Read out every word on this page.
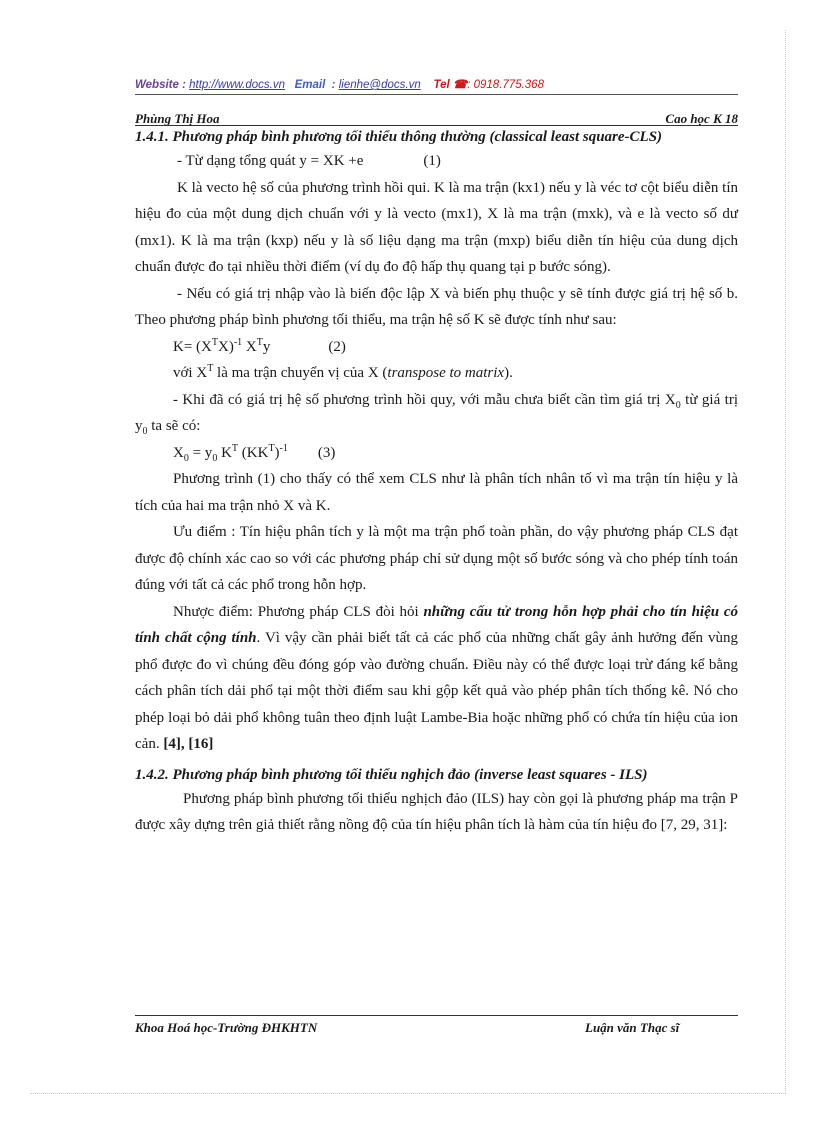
Website : http://www.docs.vn Email : lienhe@docs.vn Tel ☎: 0918.775.368
Phùng Thị Hoa	Cao học K 18

1.4.1. Phương pháp bình phương tối thiểu thông thường (classical least square-CLS)

- Từ dạng tổng quát y = XK +e	(1)

K là vecto hệ số của phương trình hồi qui. K là ma trận (kx1) nếu y là véc tơ cột biểu diễn tín hiệu đo của một dung dịch chuẩn với y là vecto (mx1), X là ma trận (mxk), và e là vecto số dư (mx1). K là ma trận (kxp) nếu y là số liệu dạng ma trận (mxp) biểu diễn tín hiệu của dung dịch chuẩn được đo tại nhiều thời điểm (ví dụ đo độ hấp thụ quang tại p bước sóng).

- Nếu có giá trị nhập vào là biến độc lập X và biến phụ thuộc y sẽ tính được giá trị hệ số b. Theo phương pháp bình phương tối thiểu, ma trận hệ số K sẽ được tính như sau:

$K= (X^TX)^{-1}$ $X^Ty$	(2)

với $X^T$ là ma trận chuyển vị của X (transpose to matrix).

- Khi đã có giá trị hệ số phương trình hồi quy, với mẫu chưa biết cần tìm giá trị $X_0$ từ giá trị $y_0$ ta sẽ có:

$X_0 = y_0$ $K^T$ $(KK^T)^{-1}$ (3)

Phương trình (1) cho thấy có thể xem CLS như là phân tích nhân tố vì ma trận tín hiệu y là tích của hai ma trận nhỏ X và K.

Ưu điểm : Tín hiệu phân tích y là một ma trận phổ toàn phần, do vậy phương pháp CLS đạt được độ chính xác cao so với các phương pháp chỉ sử dụng một số bước sóng và cho phép tính toán đúng với tất cả các phổ trong hỗn hợp.

Nhược điểm: Phương pháp CLS đòi hỏi những cấu tử trong hỗn hợp phải cho tín hiệu có tính chất cộng tính. Vì vậy cần phải biết tất cả các phổ của những chất gây ảnh hưởng đến vùng phổ được đo vì chúng đều đóng góp vào đường chuẩn. Điều này có thể được loại trừ đáng kể bằng cách phân tích dải phổ tại một thời điểm sau khi gộp kết quả vào phép phân tích thống kê. Nó cho phép loại bỏ dải phổ không tuân theo định luật Lambe-Bia hoặc những phổ có chứa tín hiệu của ion cản. [4], [16]

1.4.2. Phương pháp bình phương tối thiểu nghịch đảo (inverse least squares - ILS)

Phương pháp bình phương tối thiểu nghịch đảo (ILS) hay còn gọi là phương pháp ma trận P được xây dựng trên giả thiết rằng nồng độ của tín hiệu phân tích là hàm của tín hiệu đo [7, 29, 31]:

Khoa Hoá học-Trường ĐHKHTN	Luận văn Thạc sĩ
